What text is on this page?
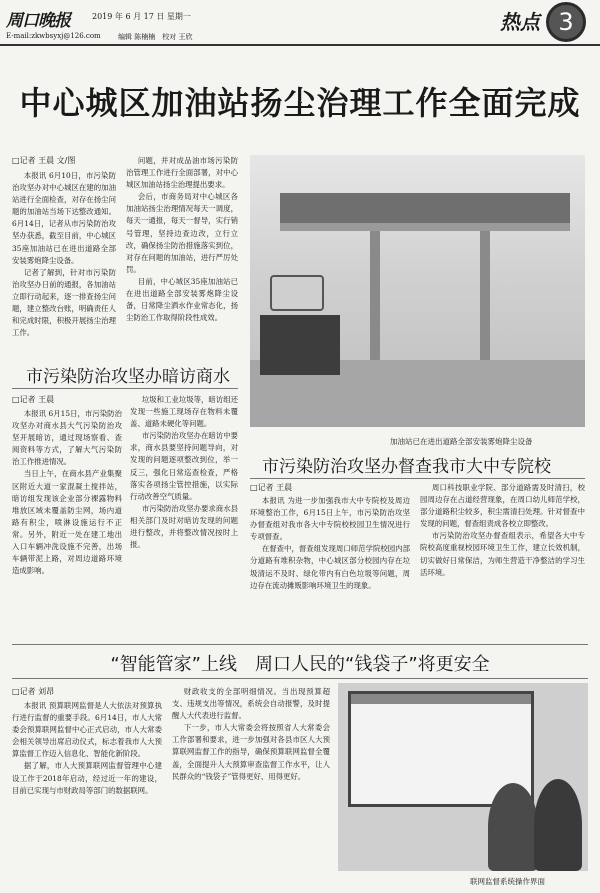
周口晚报	2019 年 6 月 17 日 星期一
E-mail:zkwbsyxj@126.com 编辑 陈楠楠　校对 王欣
热点 3
中心城区加油站扬尘治理工作全面完成
□记者 王晨 文/图

本报讯 6月10日，市污染防治攻坚办对中心城区在建的加油站进行全面检查，对存在扬尘问题的加油站当场下达整改通知。6月14日，记者从市污染防治攻坚办获悉，截至目前，中心城区35座加油站已在进出道路全部安装雾炮降尘设备。

记者了解到，针对市污染防治攻坚办日前的通报，各加油站立即行动起来，逐一排查扬尘问题，建立整改台账，明确责任人和完成时限，积极开展扬尘治理工作。

问题，并对成品油市场污染防治管理工作进行全面部署，对中心城区加油站扬尘治理提出要求。

会后，市商务局对中心城区各加油站扬尘治理情况每天一调度，每天一通报，每天一督导，实行销号管理，坚持边查边改，立行立改，确保扬尘防治措施落实到位，对存在问题的加油站，进行严厉处罚。

目前，中心城区35座加油站已在进出道路全部安装雾炮降尘设备，日常降尘洒水作业常态化，扬尘防治工作取得阶段性成效。

加油站已在进出道路全部安装雾炮降尘设备
市污染防治攻坚办暗访商水
□记者 王晨

本报讯 6月15日，市污染防治攻坚办对商水县大气污染防治攻坚开展暗访，通过现场察看、查阅资料等方式，了解大气污染防治工作推进情况。

当日上午，在商水县产业集聚区附近大道一家混凝土搅拌站，暗访组发现该企业部分裸露物料堆放区域未覆盖防尘网，场内道路有积尘，喷淋设施运行不正常。另外，附近一处在建工地出入口车辆冲洗设施不完善，出场车辆带泥上路，对周边道路环境造成影响。

垃圾和工业垃圾等，暗访组还发现一些施工现场存在物料未覆盖、道路未硬化等问题。

市污染防治攻坚办在暗访中要求，商水县要坚持问题导向，对发现的问题逐项整改到位，举一反三，强化日常巡查检查，严格落实各项扬尘管控措施，以实际行动改善空气质量。

市污染防治攻坚办要求商水县相关部门及时对暗访发现的问题进行整改，并将整改情况按时上报。

市污染防治攻坚办督查我市大中专院校
□记者 王晨

本报讯 为进一步加强我市大中专院校及周边环境整治工作，6月15日上午，市污染防治攻坚办督查组对我市各大中专院校校园卫生情况进行专项督查。

在督查中，督查组发现周口师范学院校园内部分道路有堆积杂物，中心城区部分校园内存在垃圾清运不及时、绿化带内有白色垃圾等问题，周边存在流动摊贩影响环境卫生的现象。

周口科技职业学院、部分道路需及时清扫，校园周边存在占道经营现象，在周口幼儿师范学校，部分道路积尘较多，积尘需清扫处理。针对督查中发现的问题，督查组责成各校立即整改。

市污染防治攻坚办督查组表示，希望各大中专院校高度重视校园环境卫生工作，建立长效机制，切实做好日常保洁，为师生营造干净整洁的学习生活环境。

“智能管家”上线　周口人民的“钱袋子”将更安全
□记者 刘昂

本报讯 预算联网监督是人大依法对预算执行进行监督的重要手段。6月14日，市人大常委会预算联网监督中心正式启动，市人大常委会相关领导出席启动仪式，标志着我市人大预算监督工作迈入信息化、智能化新阶段。

据了解，市人大预算联网监督管理中心建设工作于2018年启动，经过近一年的建设，目前已实现与市财政局等部门的数据联网。

财政收支的全部明细情况。当出现预算超支、违规支出等情况，系统会自动报警，及时提醒人大代表进行监督。

下一步，市人大常委会将按照省人大常委会工作部署和要求，进一步加强对各县市区人大预算联网监督工作的指导，确保预算联网监督全覆盖，全面提升人大预算审查监督工作水平，让人民群众的“钱袋子”管得更好、用得更好。

联网监督系统操作界面
